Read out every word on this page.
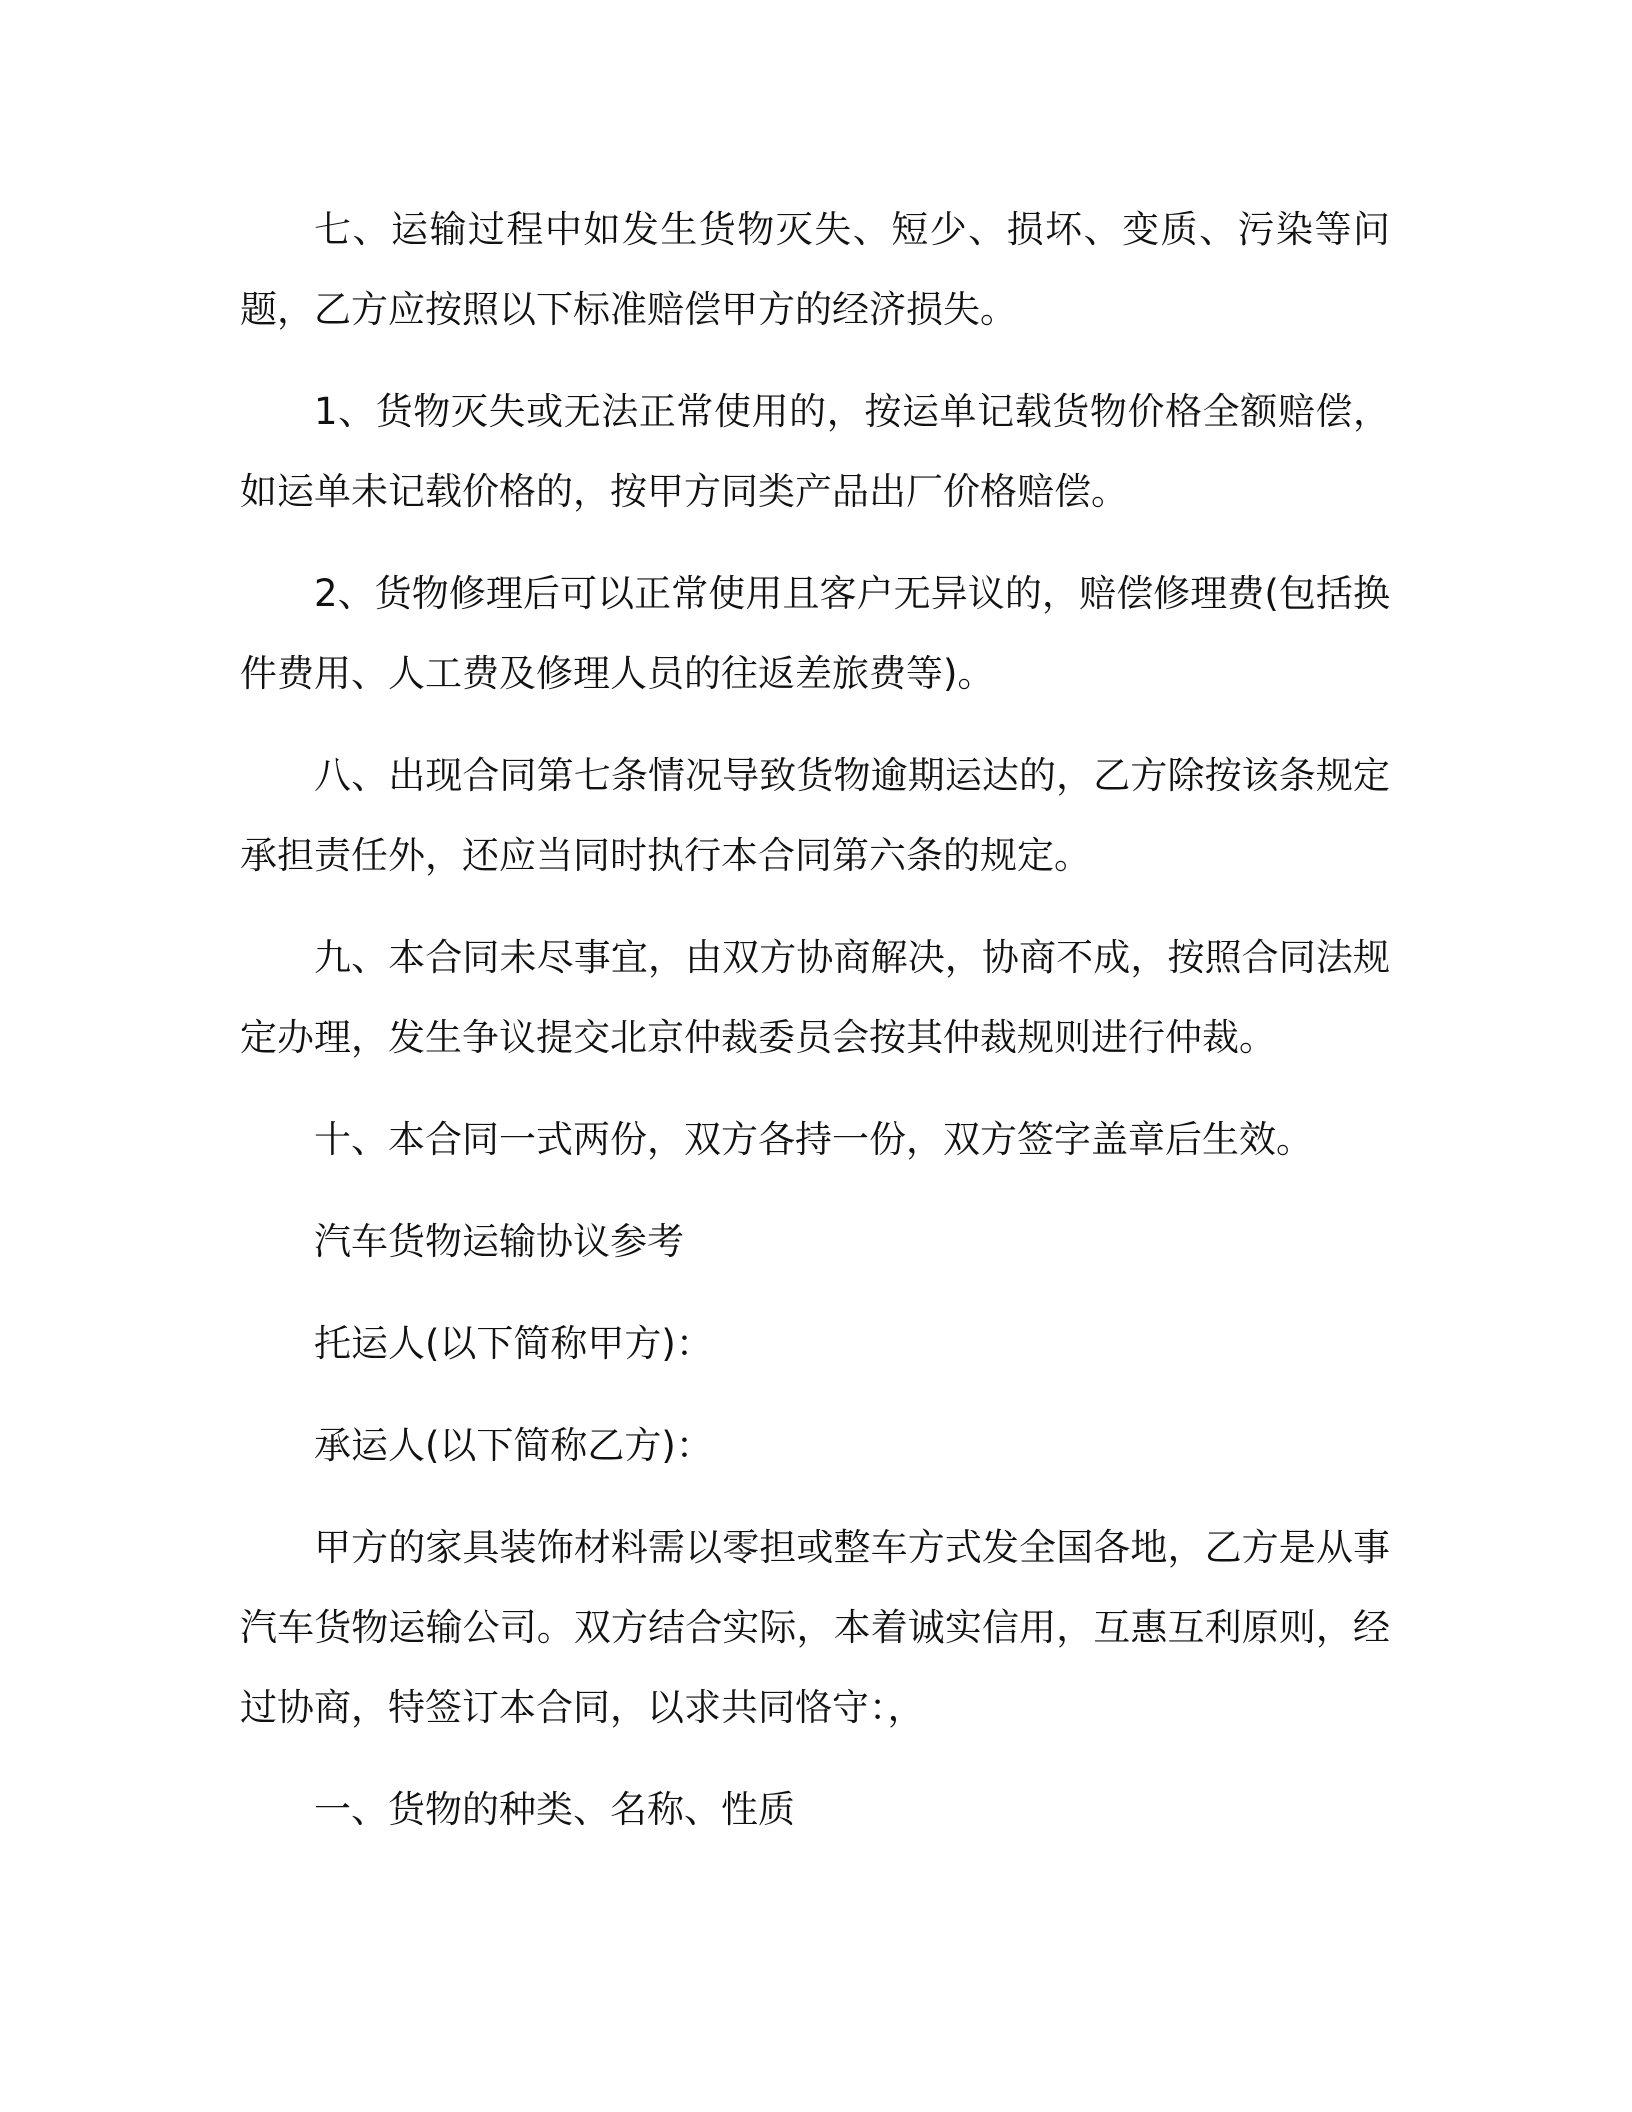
七、运输过程中如发生货物灭失、短少、损坏、变质、污染等问题，乙方应按照以下标准赔偿甲方的经济损失。

1、货物灭失或无法正常使用的，按运单记载货物价格全额赔偿，如运单未记载价格的，按甲方同类产品出厂价格赔偿。

2、货物修理后可以正常使用且客户无异议的，赔偿修理费(包括换件费用、人工费及修理人员的往返差旅费等)。

八、出现合同第七条情况导致货物逾期运达的，乙方除按该条规定承担责任外，还应当同时执行本合同第六条的规定。

九、本合同未尽事宜，由双方协商解决，协商不成，按照合同法规定办理，发生争议提交北京仲裁委员会按其仲裁规则进行仲裁。

十、本合同一式两份，双方各持一份，双方签字盖章后生效。

汽车货物运输协议参考

托运人(以下简称甲方)：

承运人(以下简称乙方)：

甲方的家具装饰材料需以零担或整车方式发全国各地，乙方是从事汽车货物运输公司。双方结合实际，本着诚实信用，互惠互利原则，经过协商，特签订本合同，以求共同恪守：，

一、货物的种类、名称、性质
